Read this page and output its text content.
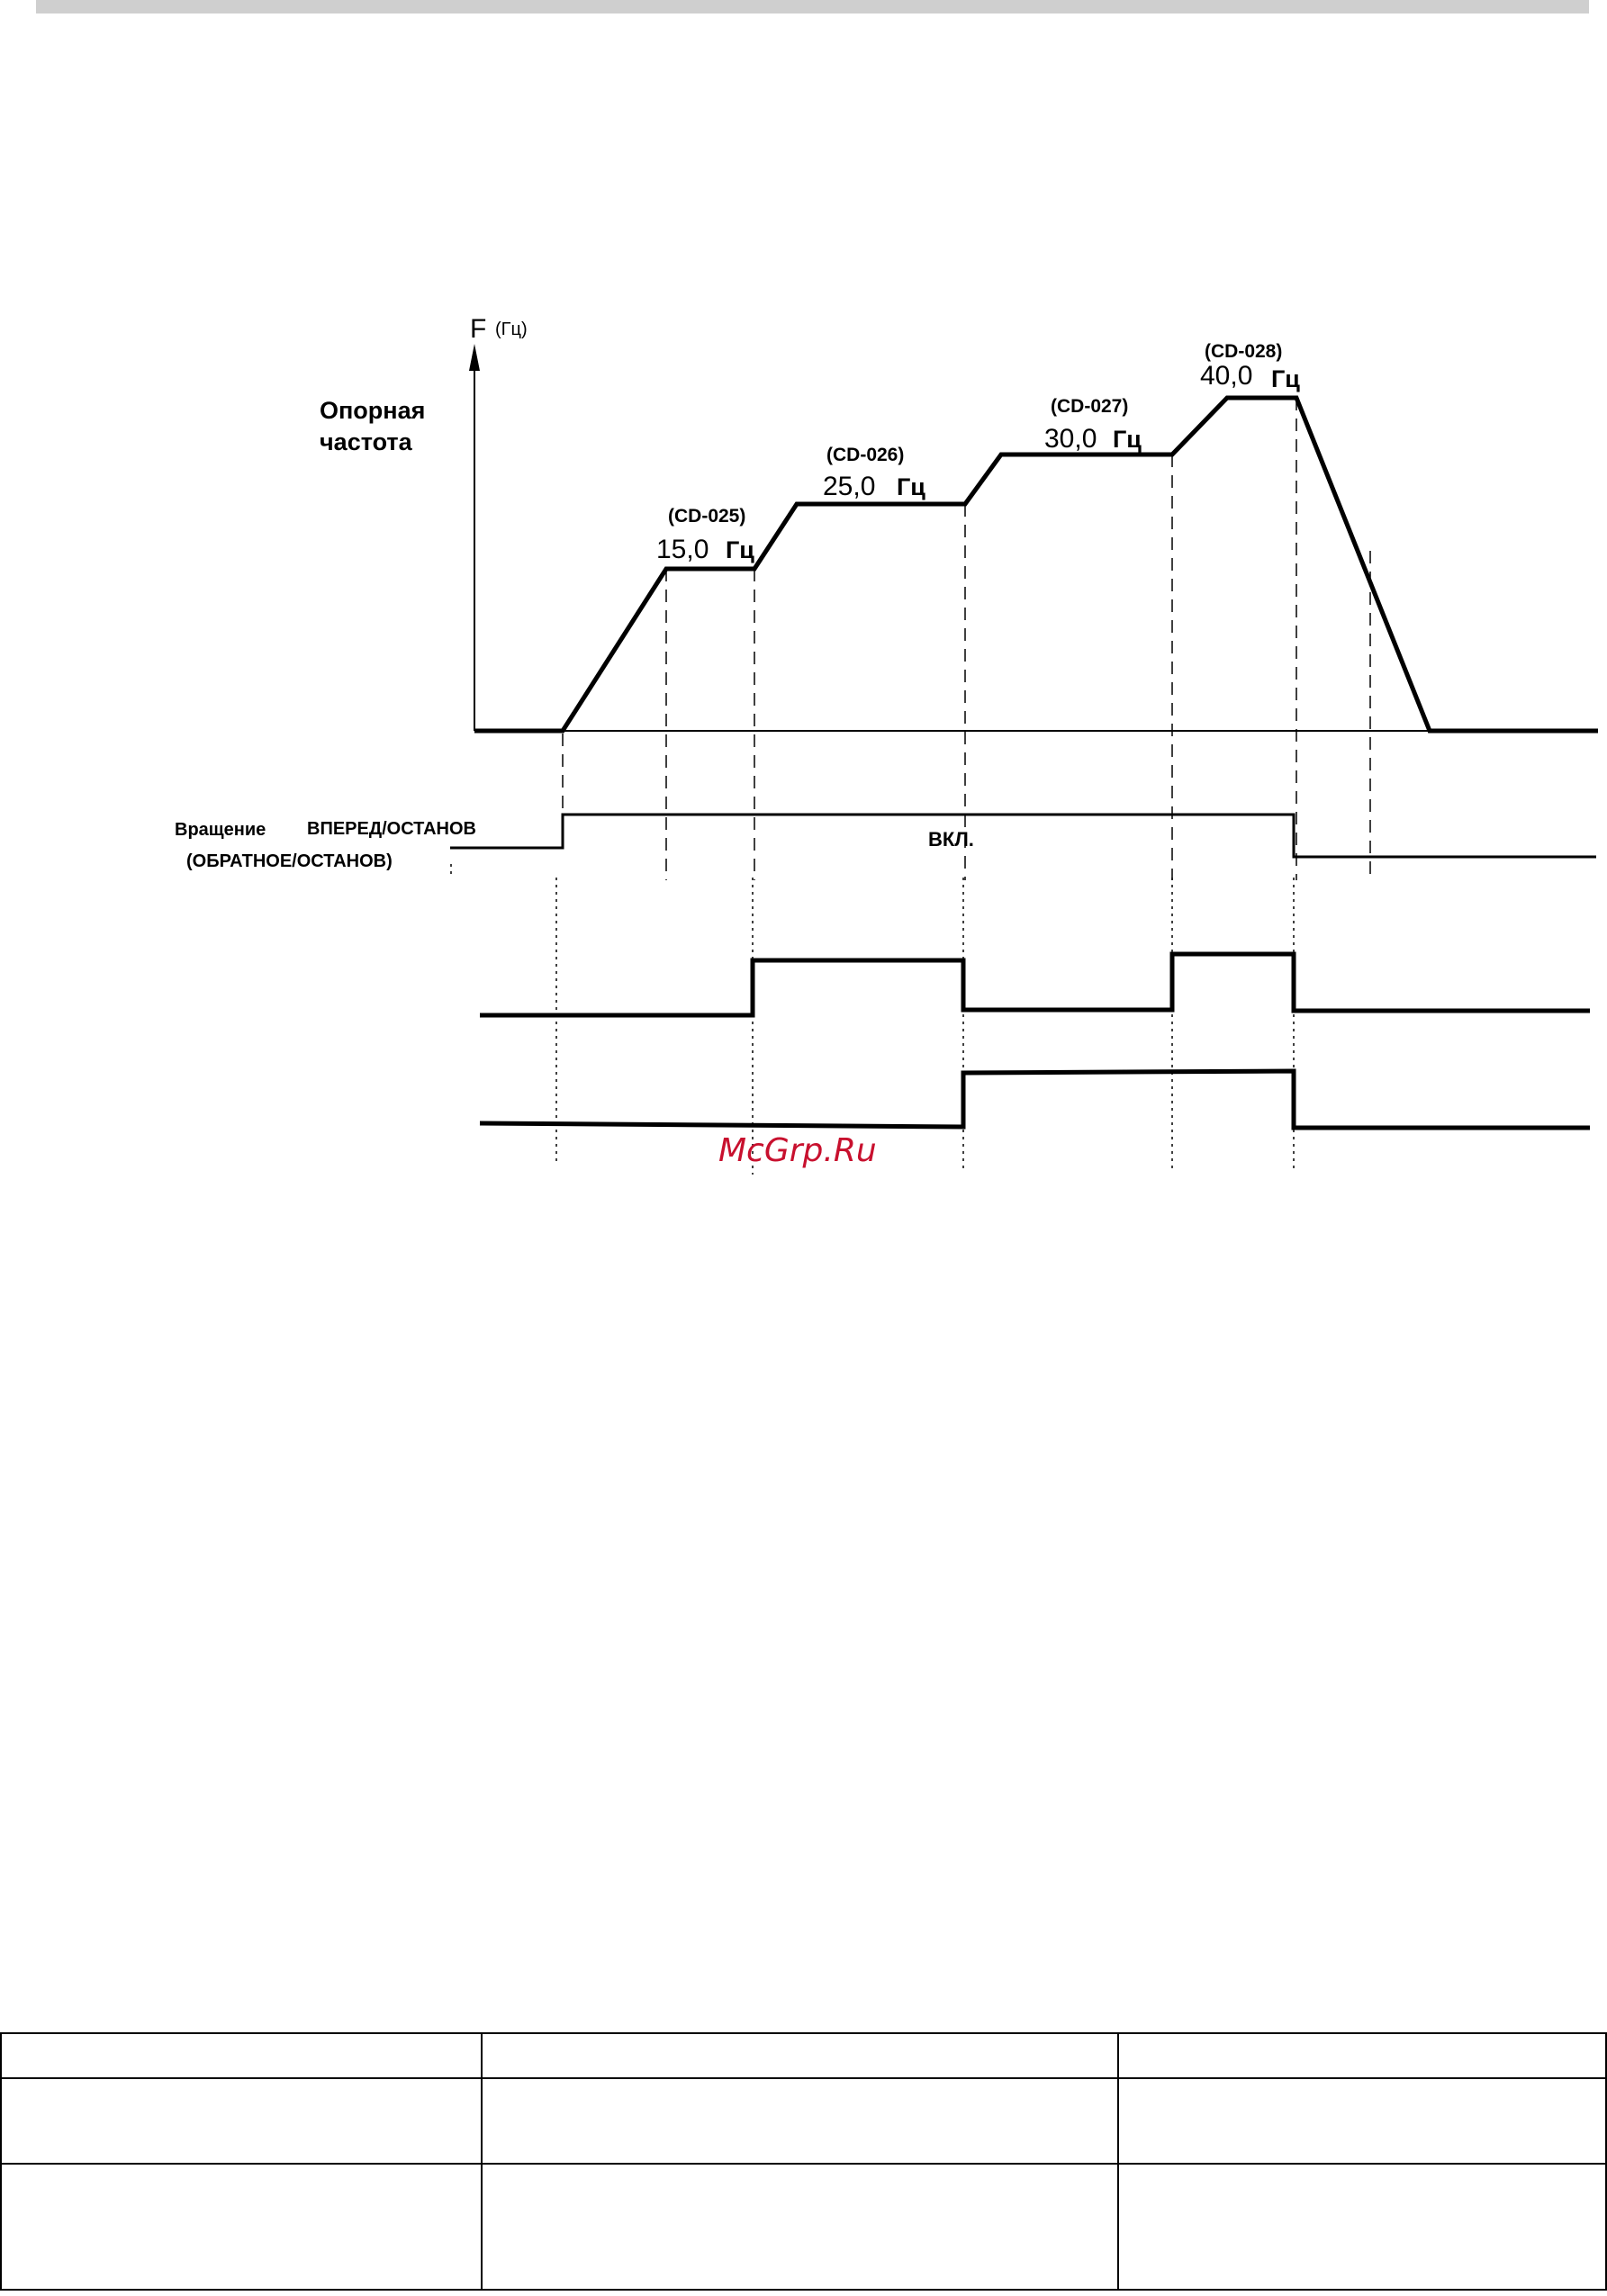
F (Гц)
Опорная
частота
(CD-025)
15,0 Гц
(CD-026)
25,0 Гц
(CD-027)
30,0 Гц
(CD-028)
40,0 Гц
Вращение ВПЕРЕД/ОСТАНОВ
(ОБРАТНОЕ/ОСТАНОВ)
ВКЛ.
McGrp.Ru
